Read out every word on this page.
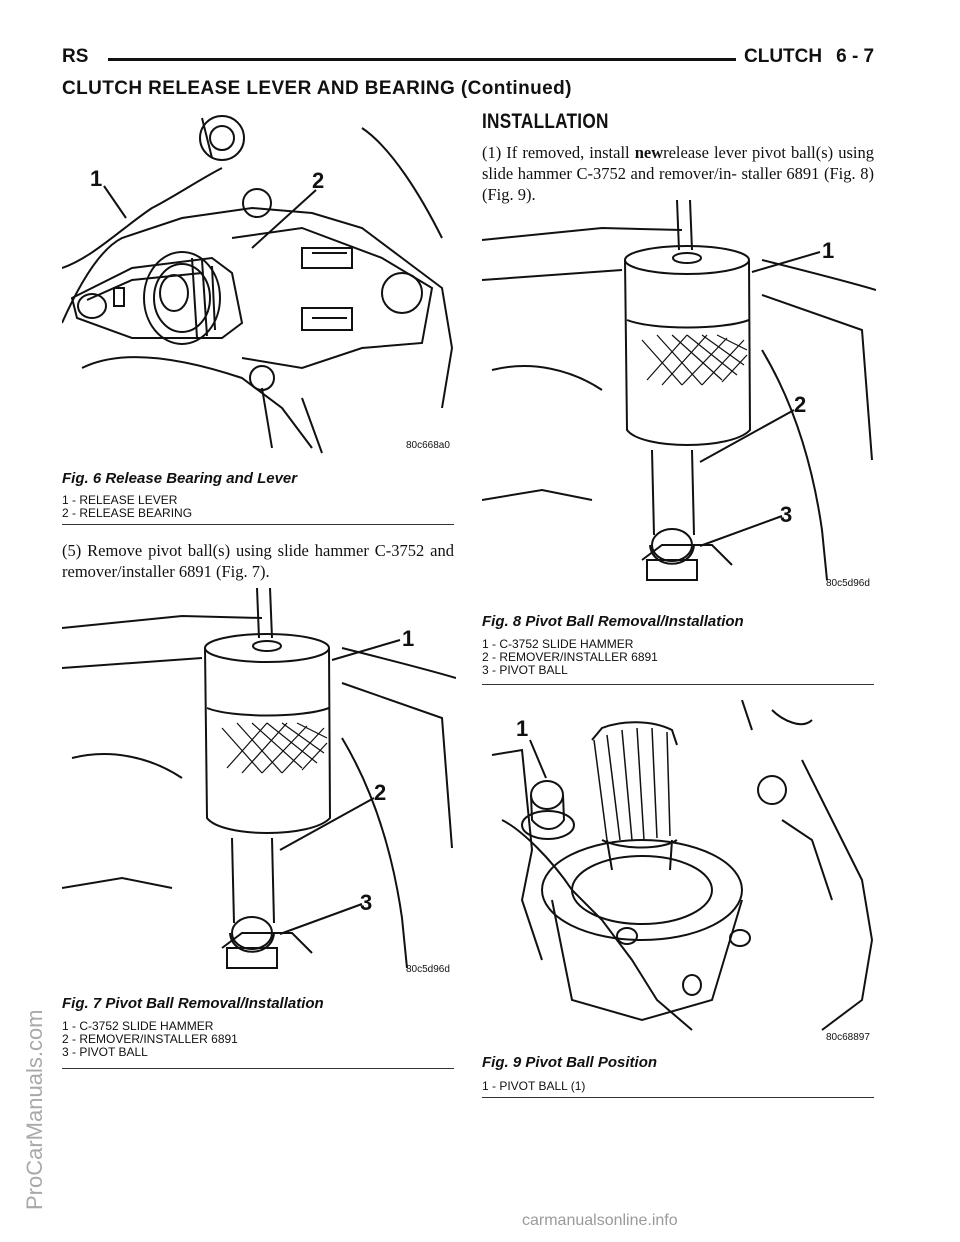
RS	CLUTCH 6 - 7
CLUTCH RELEASE LEVER AND BEARING (Continued)
1	2
80c668a0
Fig. 6 Release Bearing and Lever
1 - RELEASE LEVER
2 - RELEASE BEARING
(5) Remove pivot ball(s) using slide hammer C-3752 and remover/installer 6891 (Fig. 7).
1
2
3
80c5d96d
Fig. 7 Pivot Ball Removal/Installation
1 - C-3752 SLIDE HAMMER
2 - REMOVER/INSTALLER 6891
3 - PIVOT BALL
INSTALLATION
(1) If removed, install newrelease lever pivot ball(s) using slide hammer C-3752 and remover/in- staller 6891 (Fig. 8) (Fig. 9).
1
2
3
80c5d96d
Fig. 8 Pivot Ball Removal/Installation
1 - C-3752 SLIDE HAMMER
2 - REMOVER/INSTALLER 6891
3 - PIVOT BALL
1
80c68897
Fig. 9 Pivot Ball Position
1 - PIVOT BALL (1)
ProCarManuals.com
carmanualsonline.info
